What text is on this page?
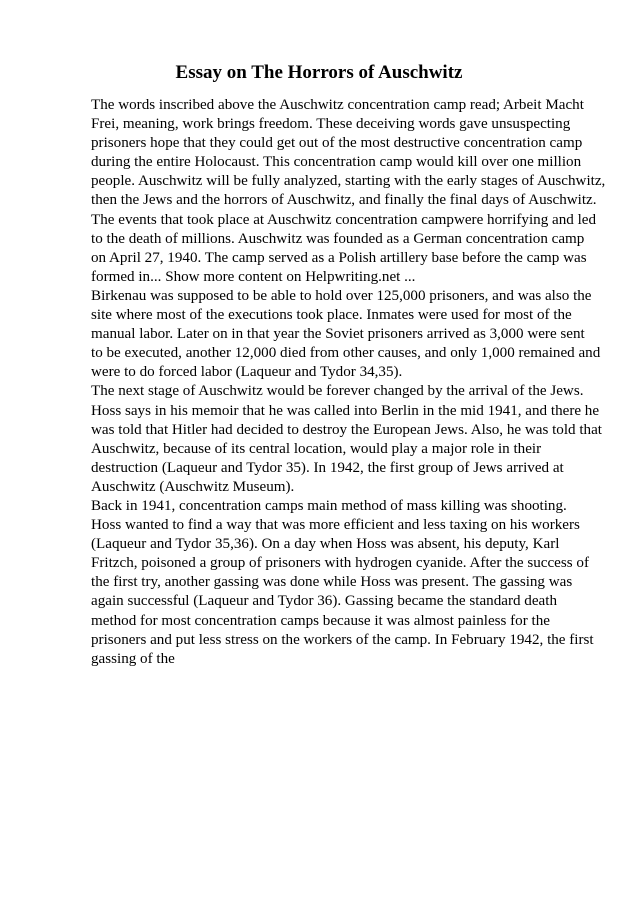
Essay on The Horrors of Auschwitz
The words inscribed above the Auschwitz concentration camp read; Arbeit Macht
Frei, meaning, work brings freedom. These deceiving words gave unsuspecting
prisoners hope that they could get out of the most destructive concentration camp
during the entire Holocaust. This concentration camp would kill over one million
people. Auschwitz will be fully analyzed, starting with the early stages of Auschwitz,
then the Jews and the horrors of Auschwitz, and finally the final days of Auschwitz.
The events that took place at Auschwitz concentration campwere horrifying and led
to the death of millions. Auschwitz was founded as a German concentration camp
on April 27, 1940. The camp served as a Polish artillery base before the camp was
formed in... Show more content on Helpwriting.net ...
Birkenau was supposed to be able to hold over 125,000 prisoners, and was also the
site where most of the executions took place. Inmates were used for most of the
manual labor. Later on in that year the Soviet prisoners arrived as 3,000 were sent
to be executed, another 12,000 died from other causes, and only 1,000 remained and
were to do forced labor (Laqueur and Tydor 34,35).
The next stage of Auschwitz would be forever changed by the arrival of the Jews.
Hoss says in his memoir that he was called into Berlin in the mid 1941, and there he
was told that Hitler had decided to destroy the European Jews. Also, he was told that
Auschwitz, because of its central location, would play a major role in their
destruction (Laqueur and Tydor 35). In 1942, the first group of Jews arrived at
Auschwitz (Auschwitz Museum).
Back in 1941, concentration camps main method of mass killing was shooting.
Hoss wanted to find a way that was more efficient and less taxing on his workers
(Laqueur and Tydor 35,36). On a day when Hoss was absent, his deputy, Karl
Fritzch, poisoned a group of prisoners with hydrogen cyanide. After the success of
the first try, another gassing was done while Hoss was present. The gassing was
again successful (Laqueur and Tydor 36). Gassing became the standard death
method for most concentration camps because it was almost painless for the
prisoners and put less stress on the workers of the camp. In February 1942, the first
gassing of the
